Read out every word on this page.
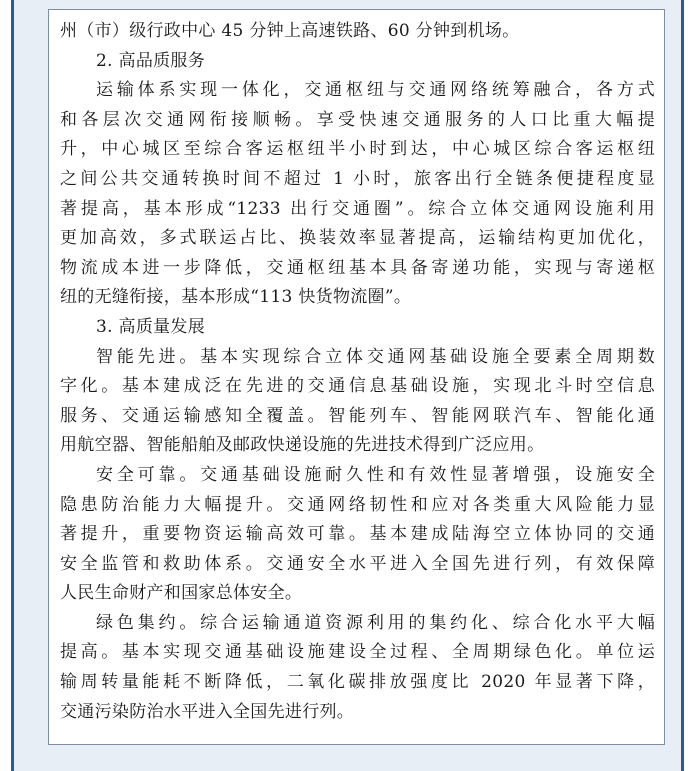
州（市）级行政中心 45 分钟上高速铁路、60 分钟到机场。
2. 高品质服务
运输体系实现一体化，交通枢纽与交通网络统筹融合，各方式
和各层次交通网衔接顺畅。享受快速交通服务的人口比重大幅提
升，中心城区至综合客运枢纽半小时到达，中心城区综合客运枢纽
之间公共交通转换时间不超过 1 小时，旅客出行全链条便捷程度显
著提高，基本形成“1233 出行交通圈”。综合立体交通网设施利用
更加高效，多式联运占比、换装效率显著提高，运输结构更加优化，
物流成本进一步降低，交通枢纽基本具备寄递功能，实现与寄递枢
纽的无缝衔接，基本形成“113 快货物流圈”。
3. 高质量发展
智能先进。基本实现综合立体交通网基础设施全要素全周期数
字化。基本建成泛在先进的交通信息基础设施，实现北斗时空信息
服务、交通运输感知全覆盖。智能列车、智能网联汽车、智能化通
用航空器、智能船舶及邮政快递设施的先进技术得到广泛应用。
安全可靠。交通基础设施耐久性和有效性显著增强，设施安全
隐患防治能力大幅提升。交通网络韧性和应对各类重大风险能力显
著提升，重要物资运输高效可靠。基本建成陆海空立体协同的交通
安全监管和救助体系。交通安全水平进入全国先进行列，有效保障
人民生命财产和国家总体安全。
绿色集约。综合运输通道资源利用的集约化、综合化水平大幅
提高。基本实现交通基础设施建设全过程、全周期绿色化。单位运
输周转量能耗不断降低，二氧化碳排放强度比 2020 年显著下降，
交通污染防治水平进入全国先进行列。
